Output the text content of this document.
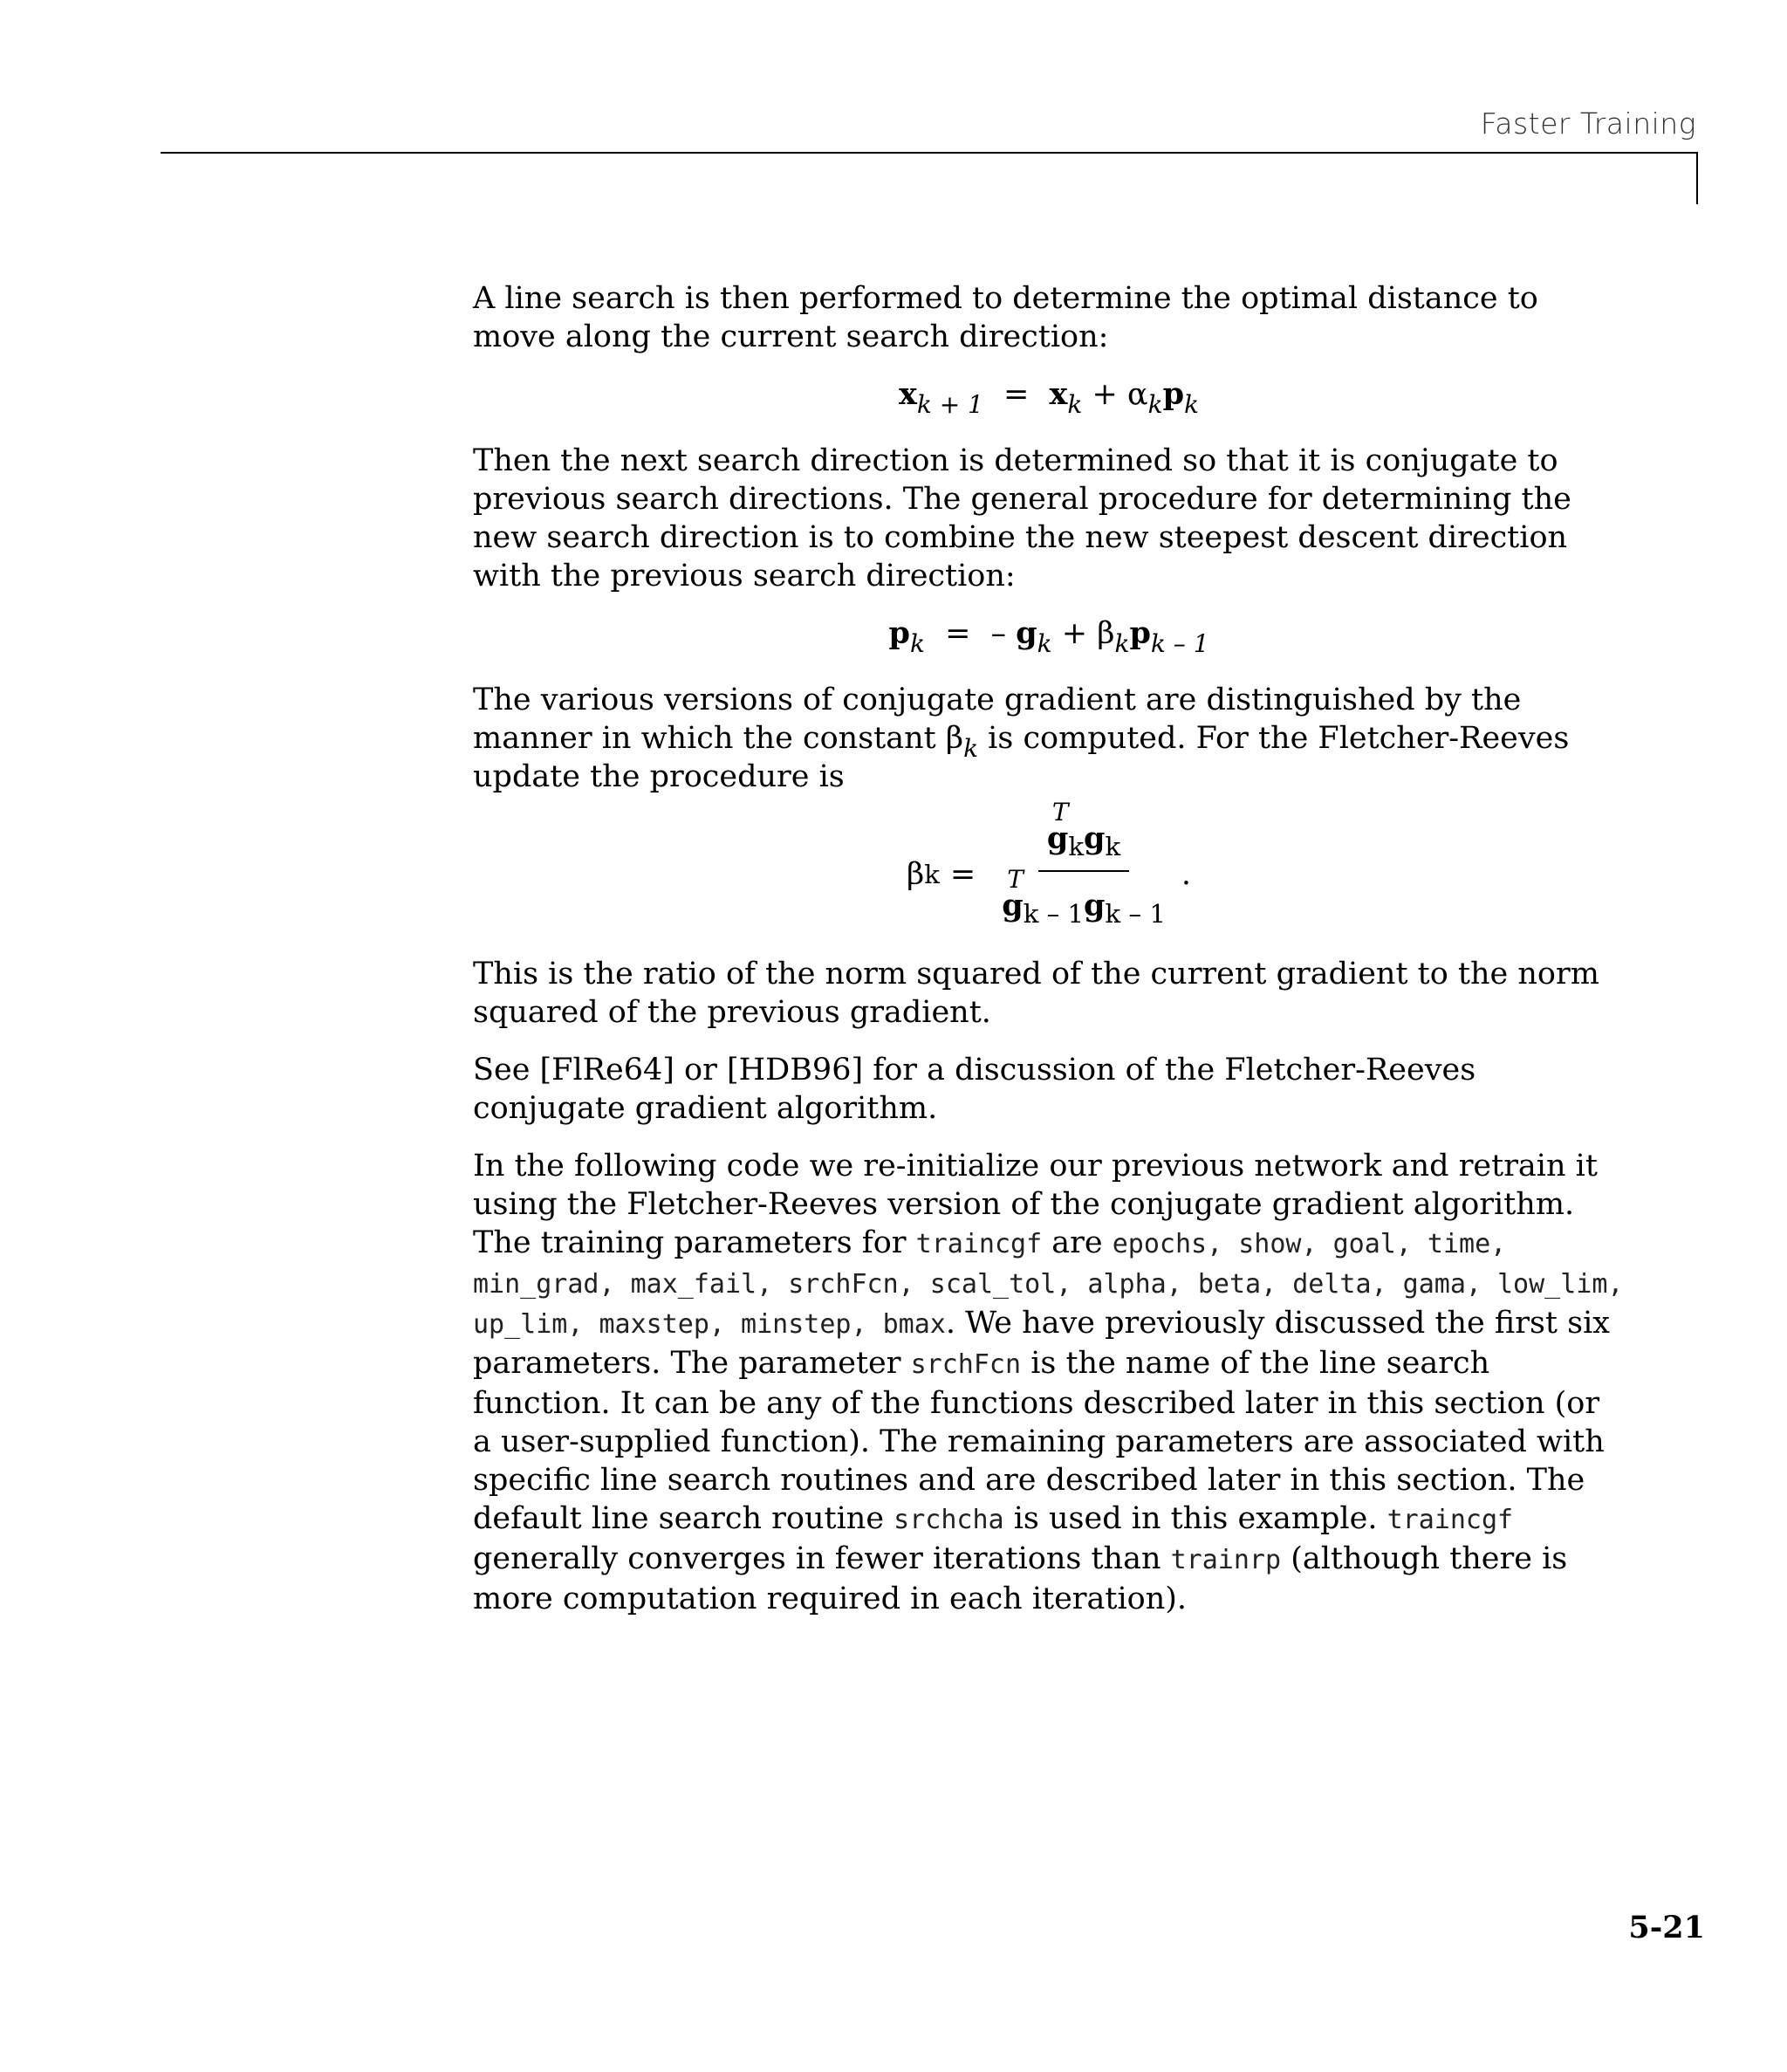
Faster Training

A line search is then performed to determine the optimal distance to move along the current search direction:

$x_{k + 1} = x_k + \alpha_kp_k$

Then the next search direction is determined so that it is conjugate to previous search directions. The general procedure for determining the new search direction is to combine the new steepest descent direction with the previous search direction:

$p_k$ = – $g_k + \beta_kp_{k - 1}$

The various versions of conjugate gradient are distinguished by the manner in which the constant $\beta_k$ is computed. For the Fletcher-Reeves update the procedure is

β k = g
T
$_kg_k$
g
T
$_{k - 1}g_{k - 1}$ .

This is the ratio of the norm squared of the current gradient to the norm squared of the previous gradient.

See [FlRe64] or [HDB96] for a discussion of the Fletcher-Reeves conjugate gradient algorithm.

In the following code we re-initialize our previous network and retrain it using the Fletcher-Reeves version of the conjugate gradient algorithm. The training parameters for traincgf are epochs, show, goal, time, min_grad, max_fail, srchFcn, scal_tol, alpha, beta, delta, gama, low_lim, up_lim, maxstep, minstep, bmax. We have previously discussed the first six parameters. The parameter srchFcn is the name of the line search function. It can be any of the functions described later in this section (or a user-supplied function). The remaining parameters are associated with specific line search routines and are described later in this section. The default line search routine srchcha is used in this example. traincgf generally converges in fewer iterations than trainrp (although there is more computation required in each iteration).

5-21
